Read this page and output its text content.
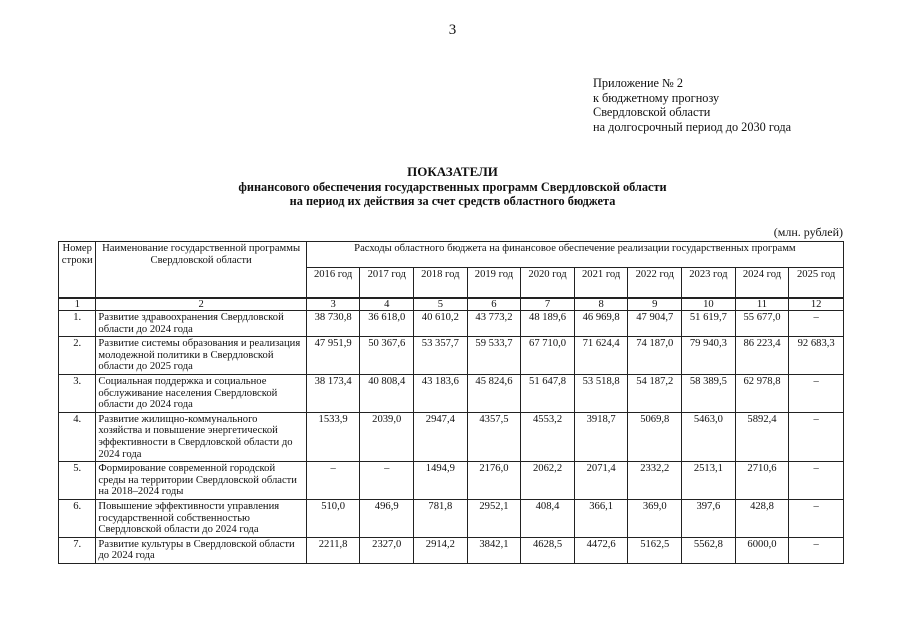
3
Приложение № 2
к бюджетному прогнозу
Свердловской области
на долгосрочный период до 2030 года
ПОКАЗАТЕЛИ
финансового обеспечения государственных программ Свердловской области
на период их действия за счет средств областного бюджета
(млн. рублей)
Номер строки	Наименование государственной программы Свердловской области	Расходы областного бюджета на финансовое обеспечение реализации государственных программ									
		2016 год	2017 год	2018 год	2019 год	2020 год	2021 год	2022 год	2023 год	2024 год	2025 год
1	2	3	4	5	6	7	8	9	10	11	12
1.	Развитие здравоохранения Свердловской области до 2024 года	38 730,8	36 618,0	40 610,2	43 773,2	48 189,6	46 969,8	47 904,7	51 619,7	55 677,0	–
2.	Развитие системы образования и реализация молодежной политики в Свердловской области до 2025 года	47 951,9	50 367,6	53 357,7	59 533,7	67 710,0	71 624,4	74 187,0	79 940,3	86 223,4	92 683,3
3.	Социальная поддержка и социальное обслуживание населения Свердловской области до 2024 года	38 173,4	40 808,4	43 183,6	45 824,6	51 647,8	53 518,8	54 187,2	58 389,5	62 978,8	–
4.	Развитие жилищно-коммунального хозяйства и повышение энергетической эффективности в Свердловской области до 2024 года	1533,9	2039,0	2947,4	4357,5	4553,2	3918,7	5069,8	5463,0	5892,4	–
5.	Формирование современной городской среды на территории Свердловской области на 2018–2024 годы	–	–	1494,9	2176,0	2062,2	2071,4	2332,2	2513,1	2710,6	–
6.	Повышение эффективности управления государственной собственностью Свердловской области до 2024 года	510,0	496,9	781,8	2952,1	408,4	366,1	369,0	397,6	428,8	–
7.	Развитие культуры в Свердловской области до 2024 года	2211,8	2327,0	2914,2	3842,1	4628,5	4472,6	5162,5	5562,8	6000,0	–
